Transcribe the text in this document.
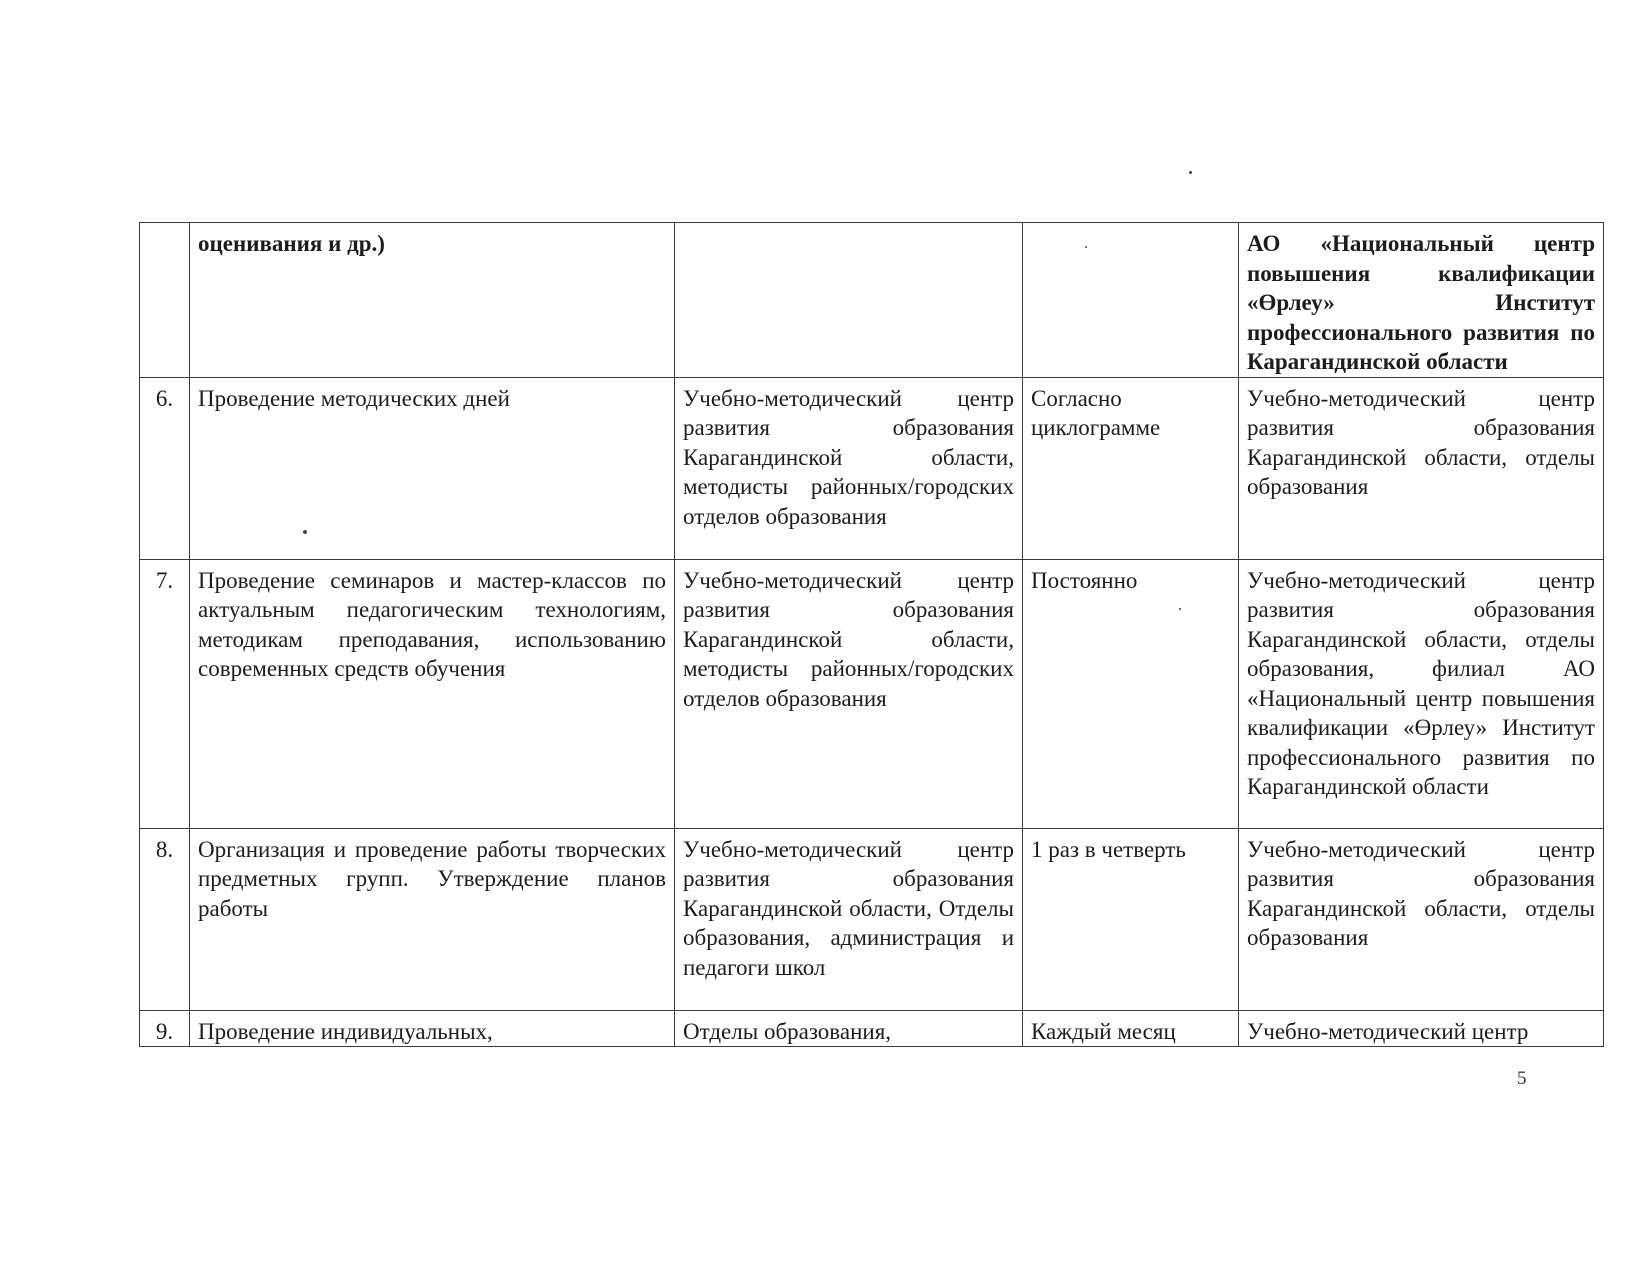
	оценивания и др.)			АО «Национальный центр повышения квалификации «Өрлеу» Институт профессионального развития по Карагандинской области
6.	Проведение методических дней	Учебно-методический центр развития образования Карагандинской области, методисты районных/городских отделов образования	Согласно циклограмме	Учебно-методический центр развития образования Карагандинской области, отделы образования
7.	Проведение семинаров и мастер-классов по актуальным педагогическим технологиям, методикам преподавания, использованию современных средств обучения	Учебно-методический центр развития образования Карагандинской области, методисты районных/городских отделов образования	Постоянно	Учебно-методический центр развития образования Карагандинской области, отделы образования, филиал АО «Национальный центр повышения квалификации «Өрлеу» Институт профессионального развития по Карагандинской области
8.	Организация и проведение работы творческих предметных групп. Утверждение планов работы	Учебно-методический центр развития образования Карагандинской области, Отделы образования, администрация и педагоги школ	1 раз в четверть	Учебно-методический центр развития образования Карагандинской области, отделы образования
9.	Проведение индивидуальных,	Отделы образования,	Каждый месяц	Учебно-методический центр
5
